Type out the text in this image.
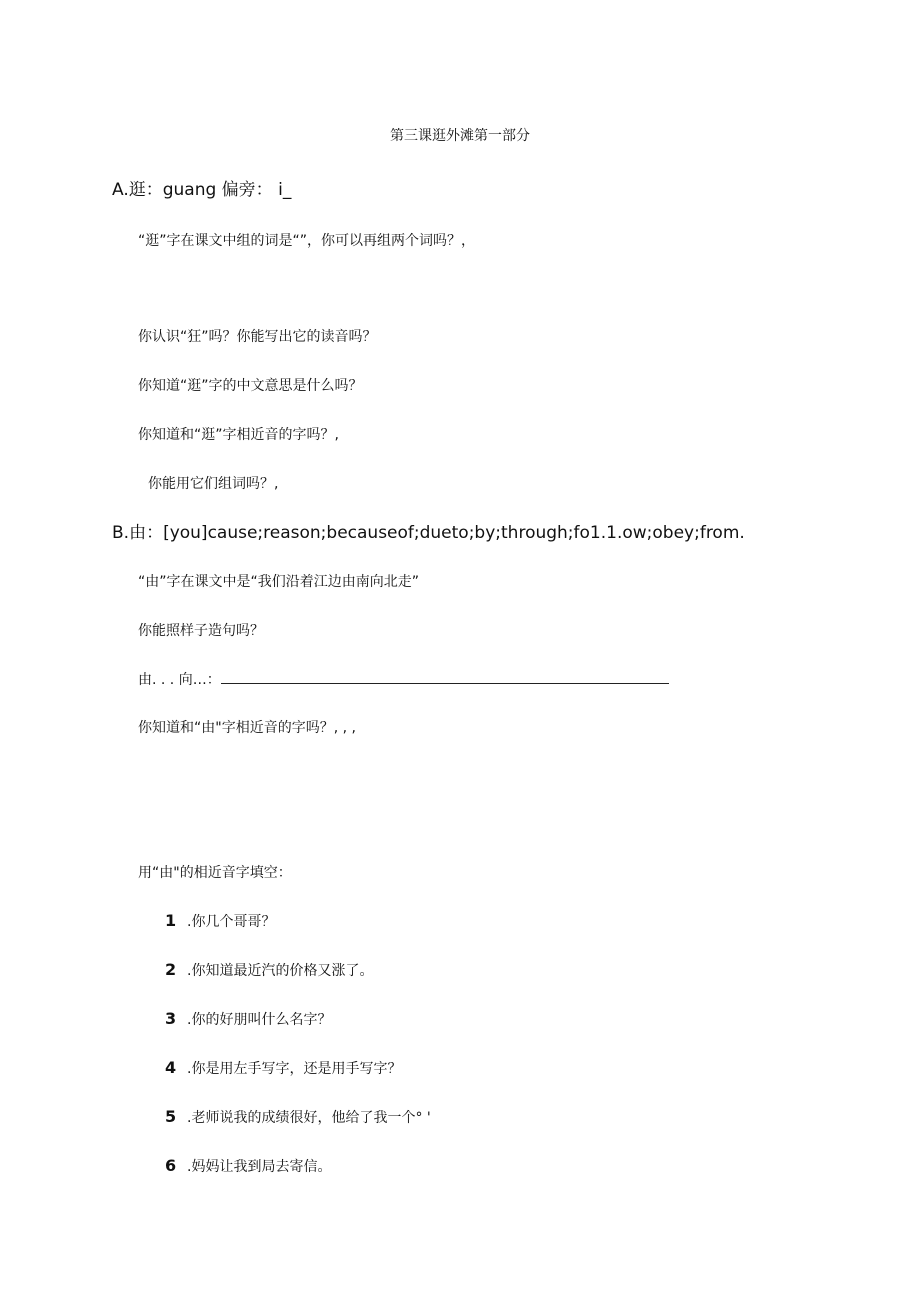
第三课逛外滩第一部分
A.逛：guang 偏旁： i_
“逛”字在课文中组的词是“”，你可以再组两个词吗？，
你认识“狂”吗？你能写出它的读音吗？
你知道“逛”字的中文意思是什么吗？
你知道和“逛”字相近音的字吗？,
你能用它们组词吗？,
B.由：[you]cause;reason;becauseof;dueto;by;through;fo1.1.ow;obey;from.
“由”字在课文中是“我们沿着江边由南向北走”
你能照样子造句吗？
由. . . 向…：
你知道和“由"字相近音的字吗？, , ,
用“由"的相近音字填空：
1 .你几个哥哥？
2 .你知道最近汽的价格又涨了。
3 .你的好朋叫什么名字？
4 .你是用左手写字，还是用手写字？
5 .老师说我的成绩很好，他给了我一个° '
6 .妈妈让我到局去寄信。
